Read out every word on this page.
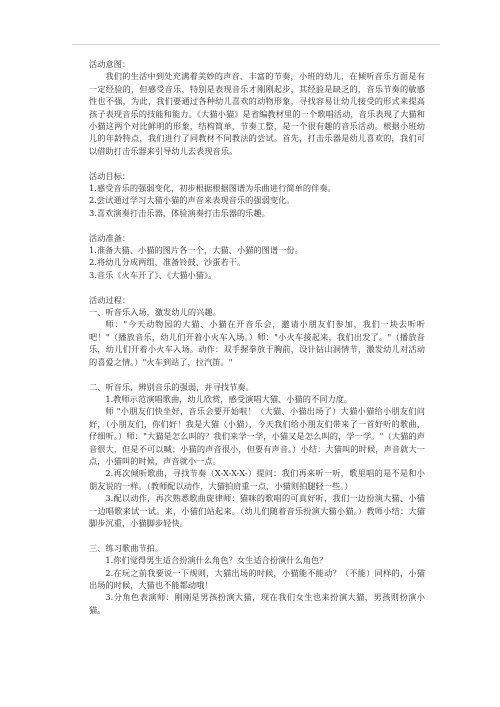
活动意图：
我们的生活中到处充满着美妙的声音、丰富的节奏，小班的幼儿，在倾听音乐方面是有一定经验的，但感受音乐，特别是表现音乐才刚刚起步，其经验是缺乏的，音乐节奏的敏感性也不强，为此，我们要通过各种幼儿喜欢的动物形象，寻找容易让幼儿接受的形式来提高孩子表现音乐的技能和能力。《大猫小猫》是省编教材里的一个歌唱活动，音乐表现了大猫和小猫这两个对比鲜明的形象，结构简单，节奏工整，是一个很有趣的音乐活动。根据小班幼儿的年龄特点，我们进行了同教材不同教法的尝试。首先，打击乐器是幼儿喜欢的，我们可以借助打击乐器来引导幼儿去表现音乐。
活动目标：
1.感受音乐的强弱变化，初步根据根据图谱为乐曲进行简单的伴奏。
2.尝试通过学习大猫小猫的声音来表现音乐的强弱变化。
3.喜欢演奏打击乐器，体验演奏打击乐器的乐趣。
活动准备：
1.准备大猫、小猫的图片各一个，大猫、小猫的图谱一份。
2.将幼儿分成两组，准备铃鼓、沙蛋若干。
3.音乐《火车开了》、《大猫小猫》。
活动过程：
一、听音乐入场，激发幼儿的兴趣。
师："今天动物园的大猫、小猫在开音乐会，邀请小朋友们参加，我们一块去听听吧！"（播放音乐，幼儿们开着小火车入场。）师："小火车接起来，我们出发了。"（播放音乐，幼儿们开着小火车入场。动作：双手握拳放于胸前，设计钻山洞情节，激发幼儿对活动的喜爱之情。）"火车到站了，拉汽笛。"
二、听音乐，辨别音乐的强弱，并寻找节奏。
1.教师示范演唱歌曲，幼儿欣赏，感受演唱大猫、小猫的不同力度。
师 "小朋友们快坐好，音乐会要开始啦！（大猫、小猫出场了）大猫小猫给小朋友们问好，（小朋友们，你们好！我是大猫（小猫），今天我们给小朋友们带来了一首好听的歌曲，仔细听。）师："大猫是怎么叫的？我们来学一学，小猫又是怎么叫的，学一学。"（大猫的声音很大，但是不可以喊；小猫的声音很小，但要有声音。）小结：大猫叫的时候，声音就大一点，小猫叫的时候，声音就小一点。
2.再次倾听歌曲，寻找节奏（X-X-X-X-）提问：我们再来听一听，歌里唱的是不是和小朋友说的一样。（教师配以动作，大猫拍肩重一点，小猫则拍腿轻一些。）
3.配以动作，再次熟悉歌曲旋律师：猫咪的歌唱的可真好听，我们一边扮演大猫、小猫一边唱歌来试一试。来，小猫们站起来。（幼儿们随着音乐扮演大猫小猫。）教师小结：大猫脚步沉重，小猫脚步轻快。
三、练习歌曲节拍。
1.你们觉得男生适合扮演什么角色？女生适合扮演什么角色？
2.在玩之前我要说一下规则，大猫出场的时候，小猫能不能动？（不能）同样的，小猫出场的时候，大猫也不能都动哦！
3.分角色表演师：刚刚是男孩扮演大猫，现在我们女生也来扮演大猫，男孩则扮演小猫。
